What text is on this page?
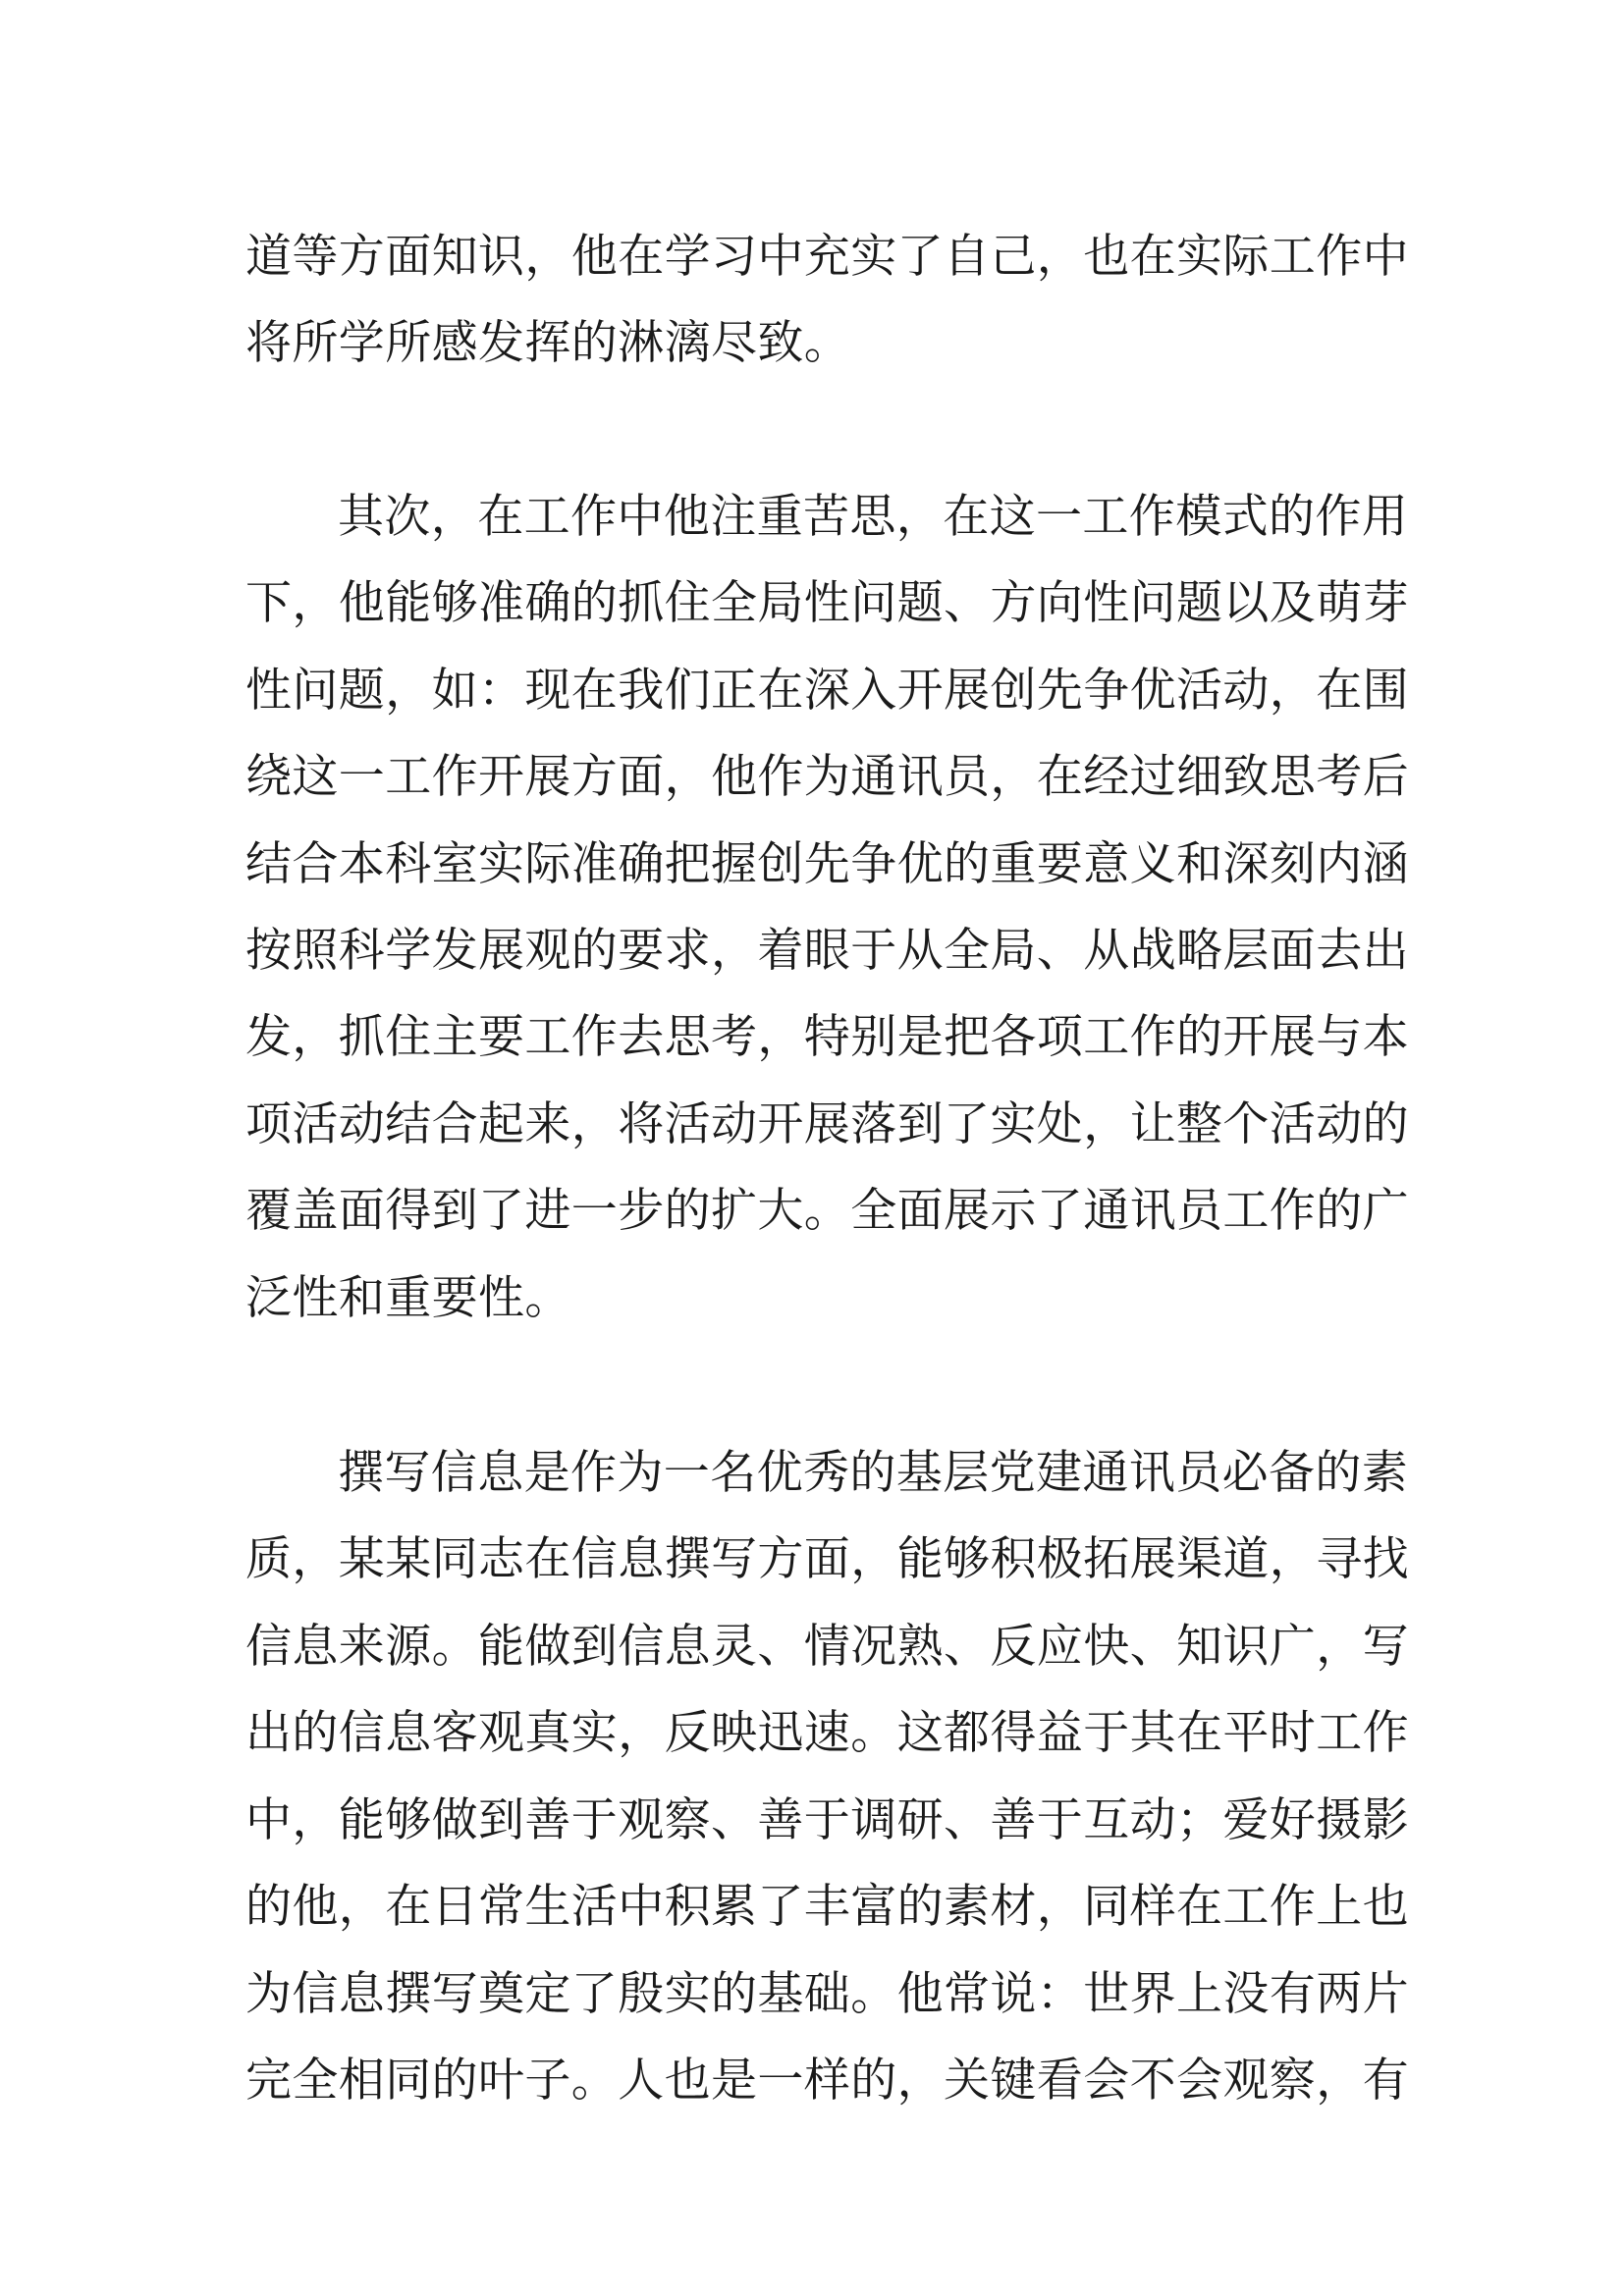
道等方面知识，他在学习中充实了自己，也在实际工作中
将所学所感发挥的淋漓尽致。
其次，在工作中他注重苦思，在这一工作模式的作用
下，他能够准确的抓住全局性问题、方向性问题以及萌芽
性问题，如：现在我们正在深入开展创先争优活动，在围
绕这一工作开展方面，他作为通讯员，在经过细致思考后
结合本科室实际准确把握创先争优的重要意义和深刻内涵
按照科学发展观的要求，着眼于从全局、从战略层面去出
发，抓住主要工作去思考，特别是把各项工作的开展与本
项活动结合起来，将活动开展落到了实处，让整个活动的
覆盖面得到了进一步的扩大。全面展示了通讯员工作的广
泛性和重要性。
撰写信息是作为一名优秀的基层党建通讯员必备的素
质，某某同志在信息撰写方面，能够积极拓展渠道，寻找
信息来源。能做到信息灵、情况熟、反应快、知识广，写
出的信息客观真实，反映迅速。这都得益于其在平时工作
中，能够做到善于观察、善于调研、善于互动；爱好摄影
的他，在日常生活中积累了丰富的素材，同样在工作上也
为信息撰写奠定了殷实的基础。他常说：世界上没有两片
完全相同的叶子。人也是一样的，关键看会不会观察，有
